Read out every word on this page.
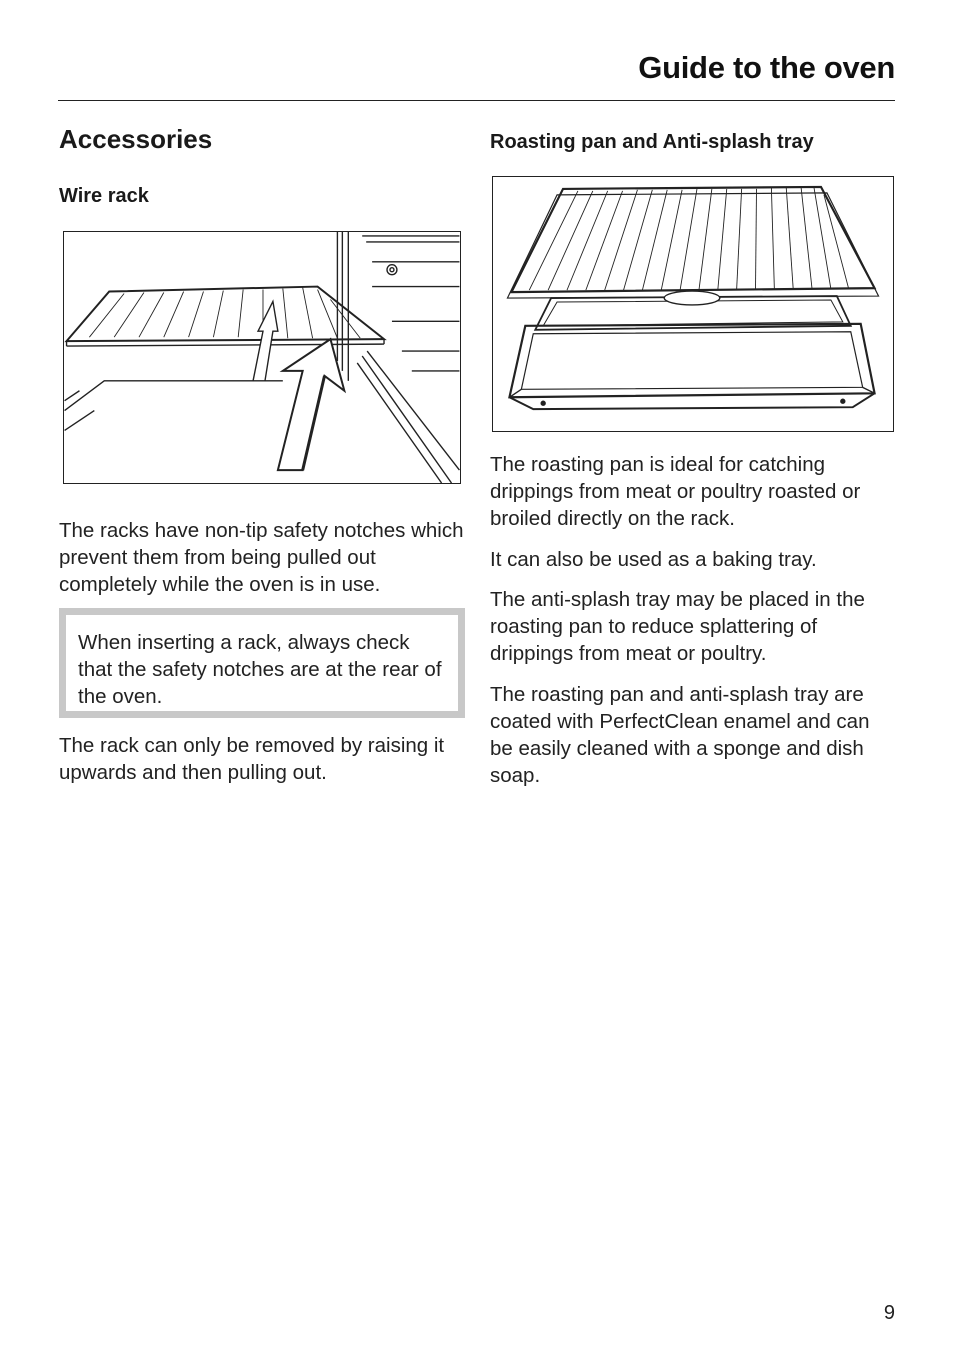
Guide to the oven
Accessories
Wire rack

The racks have non-tip safety notches which prevent them from being pulled out completely while the oven is in use.

When inserting a rack, always check that the safety notches are at the rear of the oven.

The rack can only be removed by raising it upwards and then pulling out.

Roasting pan and Anti-splash tray

The roasting pan is ideal for catching drippings from meat or poultry roasted or broiled directly on the rack.

It can also be used as a baking tray.

The anti-splash tray may be placed in the roasting pan to reduce splattering of drippings from meat or poultry.

The roasting pan and anti-splash tray are coated with PerfectClean enamel and can be easily cleaned with a sponge and dish soap.

9
